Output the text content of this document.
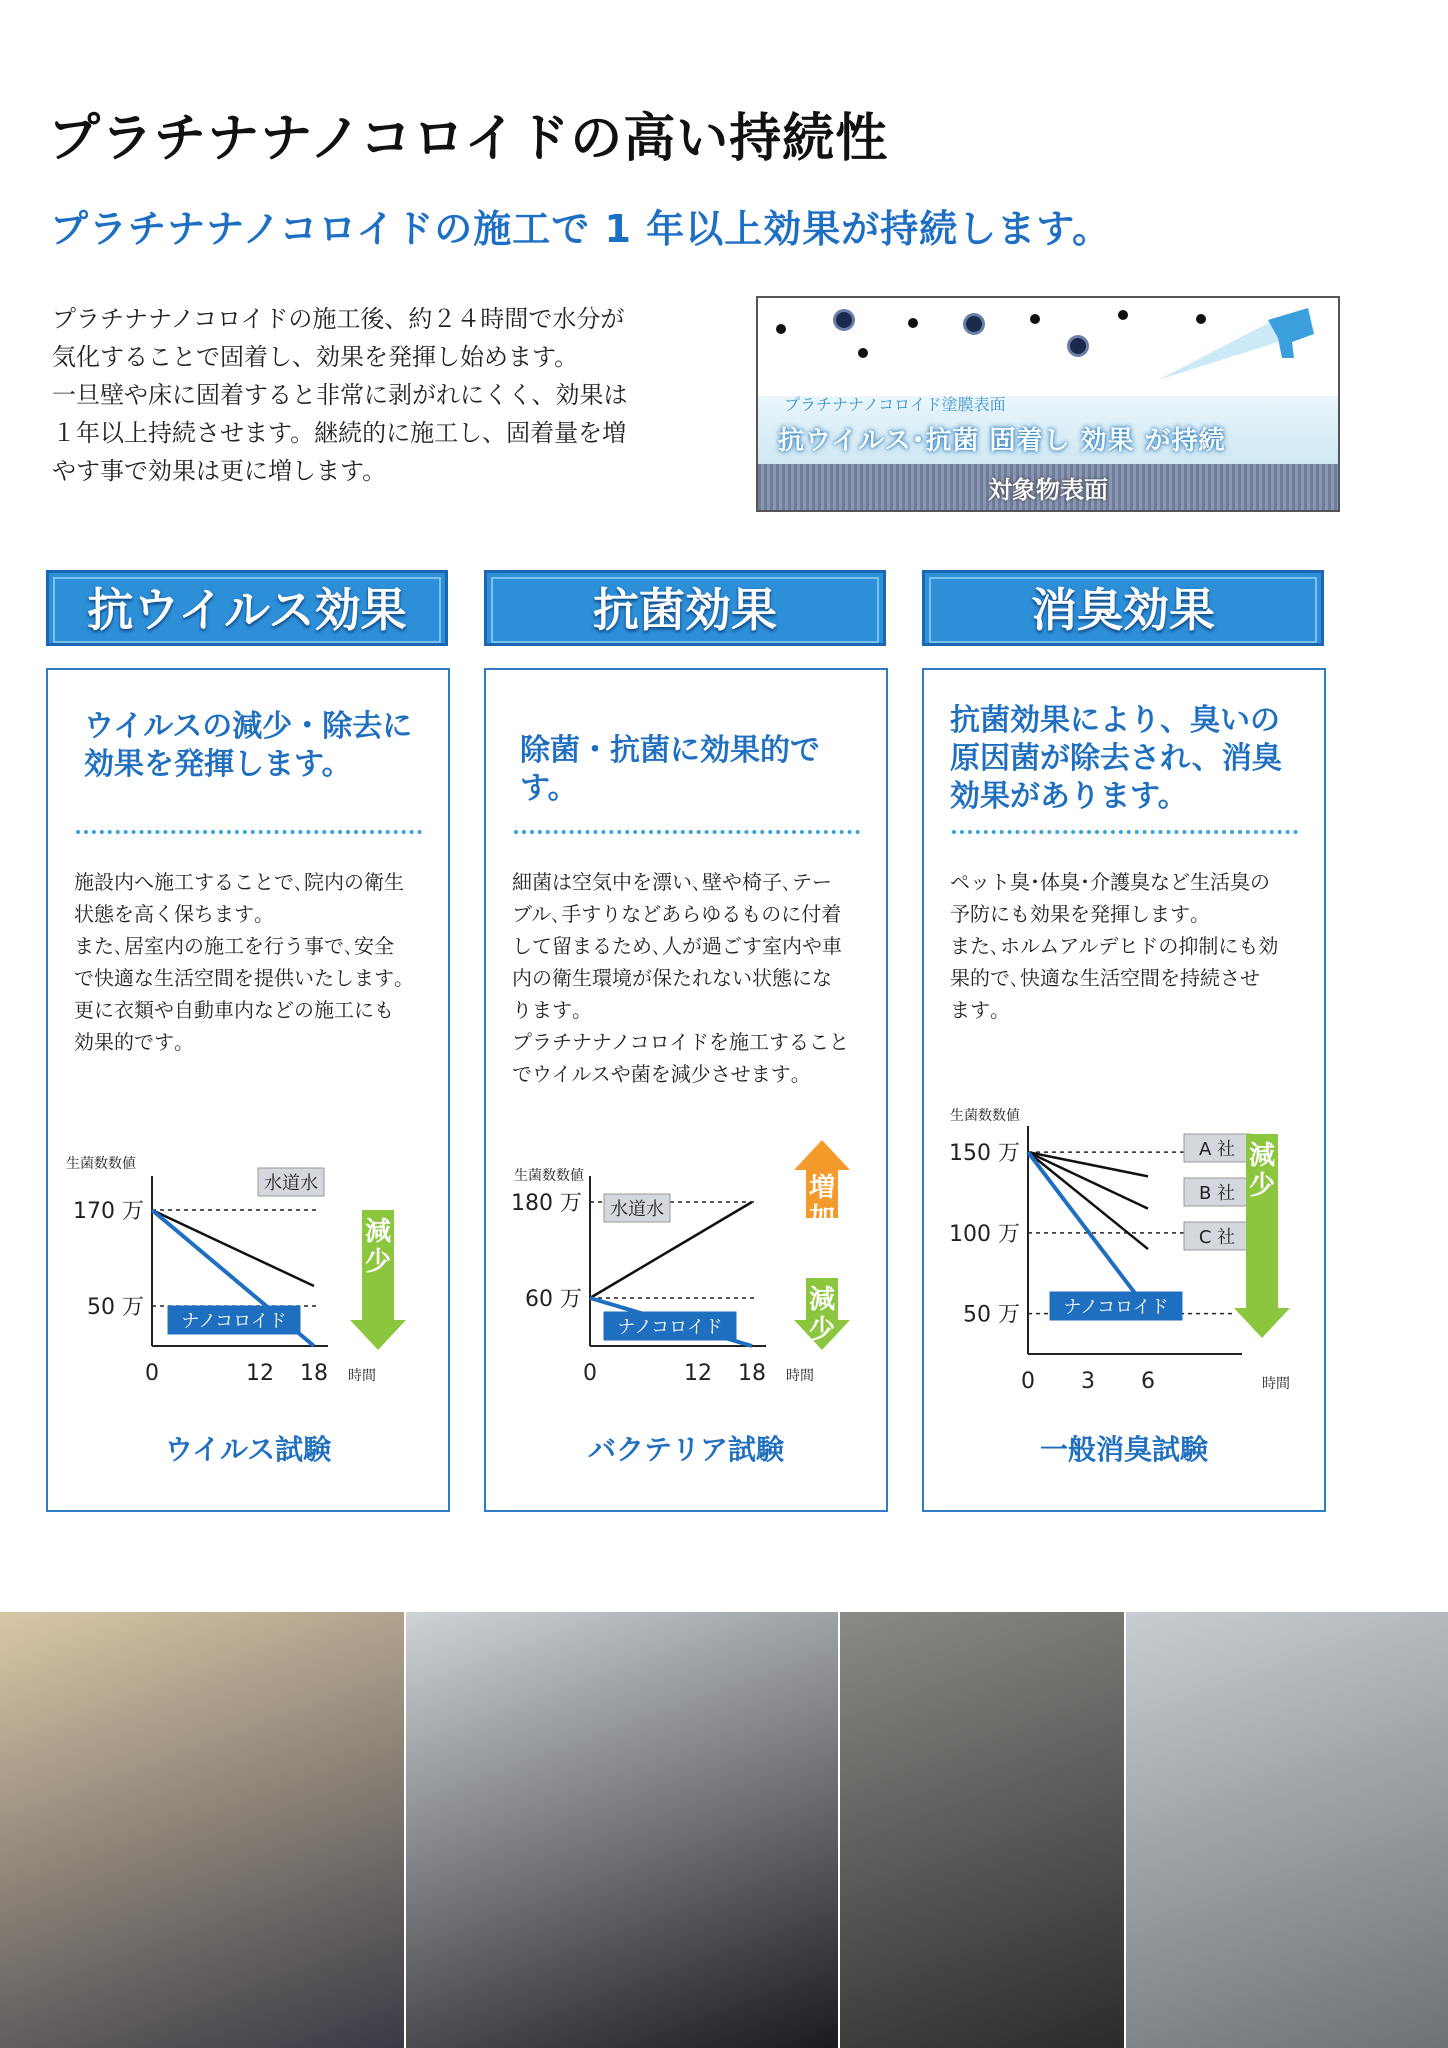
プラチナナノコロイドの高い持続性
プラチナナノコロイドの施工で 1 年以上効果が持続します。

プラチナナノコロイドの施工後、約２４時間で水分が

気化することで固着し、効果を発揮し始めます。

一旦壁や床に固着すると非常に剥がれにくく、効果は

１年以上持続させます。継続的に施工し、固着量を増

やす事で効果は更に増します。

プラチナナノコロイド塗膜表面
抗ウイルス･抗菌 固着し 効果 が持続
対象物表面
抗ウイルス効果	抗菌効果	消臭効果
ウイルスの減少・除去に効果を発揮します。

施設内へ施工することで､院内の衛生

状態を高く保ちます｡

また､居室内の施工を行う事で､安全

で快適な生活空間を提供いたします｡

更に衣類や自動車内などの施工にも

効果的です｡

生菌数数値
170 万
50 万
0	12 18 時間
水道水
ナノコロイド
減
少
ウイルス試験
除菌・抗菌に効果的です。

細菌は空気中を漂い､壁や椅子､テー

ブル､手すりなどあらゆるものに付着

して留まるため､人が過ごす室内や車

内の衛生環境が保たれない状態にな

ります｡

プラチナナノコロイドを施工すること

でウイルスや菌を減少させます｡

生菌数数値
180 万
60 万
0	12 18 時間
水道水
ナノコロイド
増
加
減
少
バクテリア試験
抗菌効果により、臭いの原因菌が除去され、消臭効果があります。

ペット臭･体臭･介護臭など生活臭の

予防にも効果を発揮します｡

また､ホルムアルデヒドの抑制にも効

果的で､快適な生活空間を持続させ

ます｡

生菌数数値
150 万
100 万
50 万
0 3 6	時間
A 社
B 社
C 社
ナノコロイド
減
少
一般消臭試験
